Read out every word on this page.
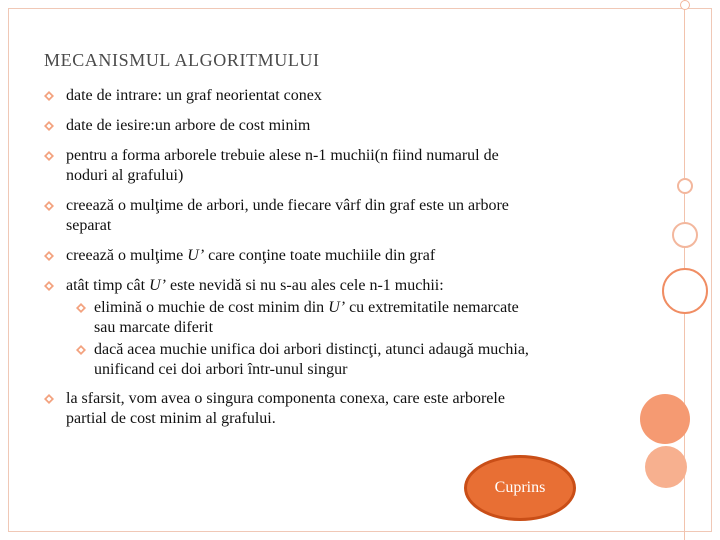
MECANISMUL ALGORITMULUI
date de intrare: un graf neorientat conex
date de iesire:un arbore de cost minim
pentru a forma arborele trebuie alese n-1 muchii(n fiind numarul de
noduri al grafului)
creează o mulţime de arbori, unde fiecare vârf din graf este un arbore
separat
creează o mulţime U’ care conţine toate muchiile din graf
atât timp cât U’ este nevidă si nu s-au ales cele n-1 muchii:
elimină o muchie de cost minim din U’ cu extremitatile nemarcate
sau marcate diferit
dacă acea muchie unifica doi arbori distincţi, atunci adaugă muchia,
unificand cei doi arbori într-unul singur
la sfarsit, vom avea o singura componenta conexa, care este arborele
partial de cost minim al grafului.
Cuprins
